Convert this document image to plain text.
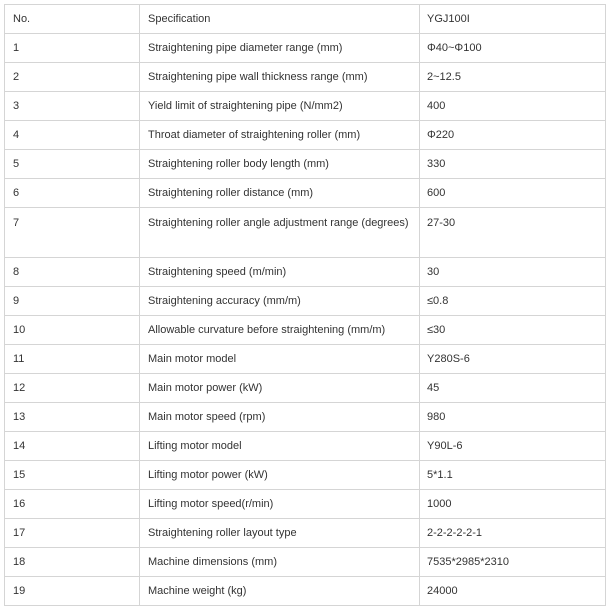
No.	Specification	YGJ100I
1	Straightening pipe diameter range (mm)	Φ40~Φ100
2	Straightening pipe wall thickness range (mm)	2~12.5
3	Yield limit of straightening pipe (N/mm2)	400
4	Throat diameter of straightening roller (mm)	Φ220
5	Straightening roller body length (mm)	330
6	Straightening roller distance (mm)	600
7	Straightening roller angle adjustment range (degrees)	27-30
8	Straightening speed (m/min)	30
9	Straightening accuracy (mm/m)	≤0.8
10	Allowable curvature before straightening (mm/m)	≤30
11	Main motor model	Y280S-6
12	Main motor power (kW)	45
13	Main motor speed (rpm)	980
14	Lifting motor model	Y90L-6
15	Lifting motor power (kW)	5*1.1
16	Lifting motor speed(r/min)	1000
17	Straightening roller layout type	2-2-2-2-2-1
18	Machine dimensions (mm)	7535*2985*2310
19	Machine weight (kg)	24000
